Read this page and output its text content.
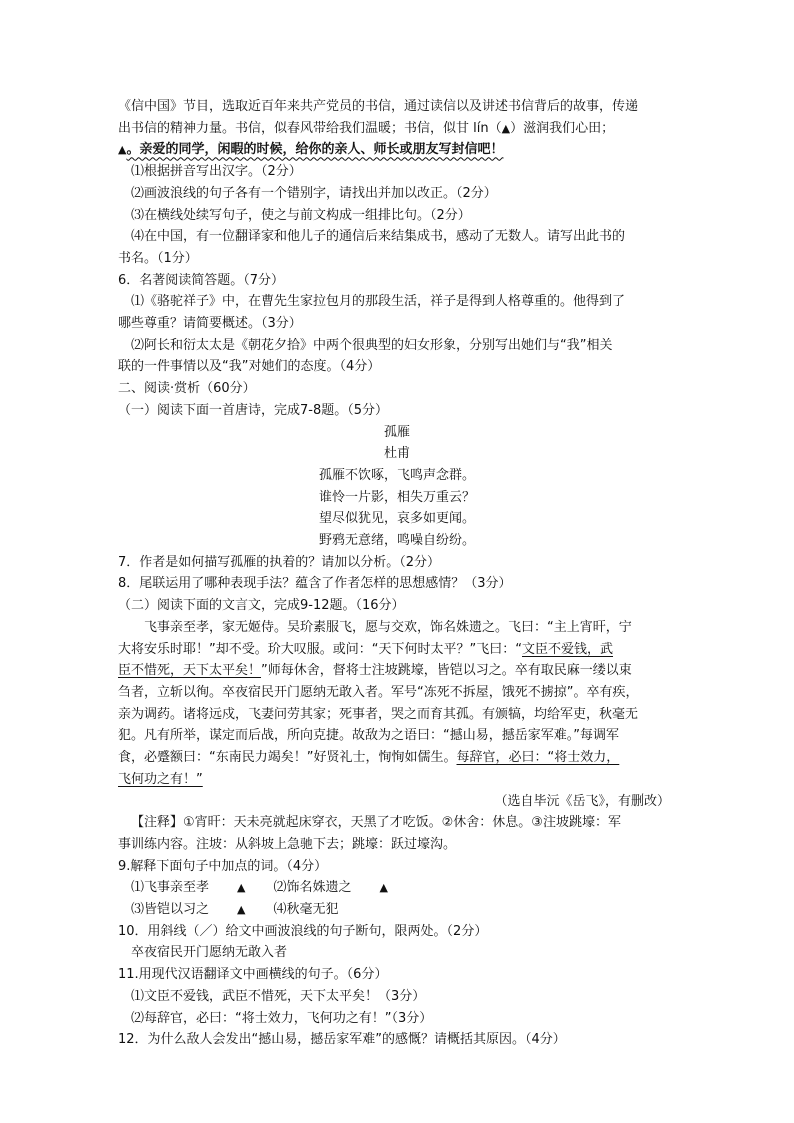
《信中国》节目，选取近百年来共产党员的书信，通过读信以及讲述书信背后的故事，传递
出书信的精神力量。书信，似春风带给我们温暖；书信，似甘 lín（▲）滋润我们心田；
▲。亲爱的同学，闲暇的时候，给你的亲人、师长或朋友写封信吧！
⑴根据拼音写出汉字。（2分）
⑵画波浪线的句子各有一个错别字，请找出并加以改正。（2分）
⑶在横线处续写句子，使之与前文构成一组排比句。（2分）
⑷在中国，有一位翻译家和他儿子的通信后来结集成书，感动了无数人。请写出此书的
书名。（1分）
6．名著阅读简答题。（7分）
⑴《骆驼祥子》中，在曹先生家拉包月的那段生活，祥子是得到人格尊重的。他得到了
哪些尊重？请简要概述。（3分）
⑵阿长和衍太太是《朝花夕拾》中两个很典型的妇女形象，分别写出她们与“我”相关
联的一件事情以及“我”对她们的态度。（4分）
二、阅读·赏析（60分）
（一）阅读下面一首唐诗，完成7-8题。（5分）
孤雁
杜甫
孤雁不饮啄，飞鸣声念群。
谁怜一片影，相失万重云？
望尽似犹见，哀多如更闻。
野鸦无意绪，鸣噪自纷纷。
7．作者是如何描写孤雁的执着的？请加以分析。（2分）
8．尾联运用了哪种表现手法？蕴含了作者怎样的思想感情？（3分）
（二）阅读下面的文言文，完成9-12题。（16分）
飞事亲至孝，家无姬侍。吴玠素服飞，愿与交欢，饰名姝遗之。飞曰：“主上宵旰，宁
大将安乐时耶！”却不受。玠大叹服。或问：“天下何时太平？”飞曰：“文臣不爱钱，武
臣不惜死，天下太平矣！”师每休舍，督将士注坡跳壕，皆铠以习之。卒有取民麻一缕以束
刍者，立斩以徇。卒夜宿民开门愿纳无敢入者。军号“冻死不拆屋，饿死不掳掠”。卒有疾，
亲为调药。诸将远戍，飞妻问劳其家；死事者，哭之而育其孤。有颁犒，均给军吏，秋毫无
犯。凡有所举，谋定而后战，所向克捷。故敌为之语曰：“撼山易，撼岳家军难。”每调军
食，必蹙额曰：“东南民力竭矣！”好贤礼士，恂恂如儒生。每辞官，必曰：“将士效力，
飞何功之有！”
（选自毕沅《岳飞》，有删改）
【注释】①宵旰：天未亮就起床穿衣，天黑了才吃饭。②休舍：休息。③注坡跳壕：军
事训练内容。注坡：从斜坡上急驰下去；跳壕：跃过壕沟。
9.解释下面句子中加点的词。（4分）
⑴飞事亲至孝	▲ ⑵饰名姝遗之	▲
⑶皆铠以习之	▲ ⑷秋毫无犯
10．用斜线（／）给文中画波浪线的句子断句，限两处。（2分）
卒夜宿民开门愿纳无敢入者
11.用现代汉语翻译文中画横线的句子。（6分）
⑴文臣不爱钱，武臣不惜死，天下太平矣！（3分）
⑵每辞官，必曰：“将士效力，飞何功之有！”（3分）
12．为什么敌人会发出“撼山易，撼岳家军难”的感慨？请概括其原因。（4分）
